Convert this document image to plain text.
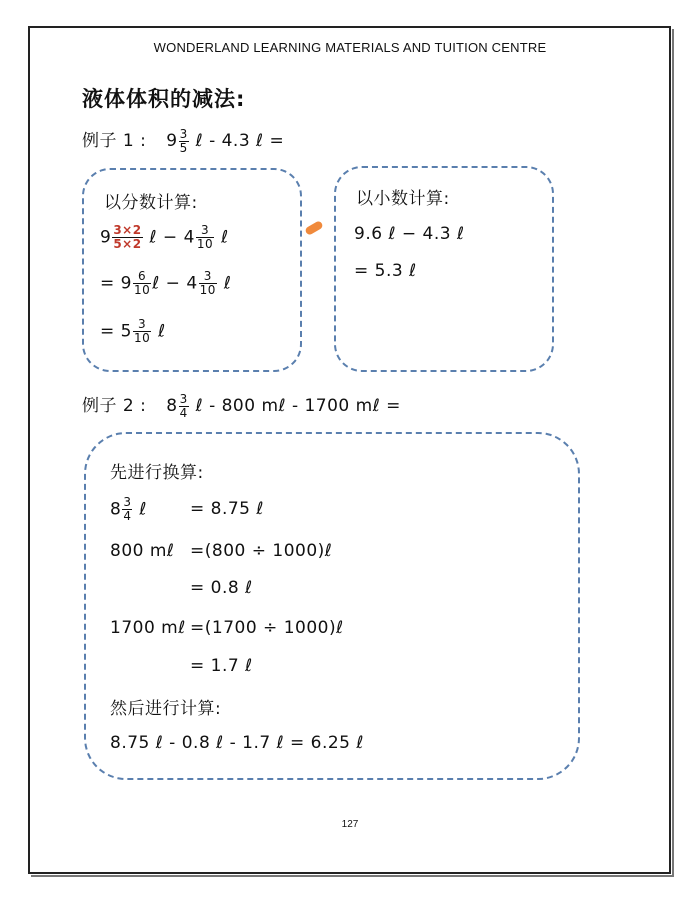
WONDERLAND LEARNING MATERIALS AND TUITION CENTRE
液体体积的减法:
例子 1 : $9 \frac{3}{5}$ ℓ - 4.3 ℓ =
以分数计算:
$9 \frac{3\times 2}{5\times 2}$ ℓ − $4 \frac{3}{10}$ ℓ
= $9 \frac{6}{10}$ ℓ − $4 \frac{3}{10}$ ℓ
= $5 \frac{3}{10}$ ℓ
以小数计算:
9.6 ℓ − 4.3 ℓ
= 5.3 ℓ
例子 2 : $8 \frac{3}{4}$ ℓ - 800 mℓ - 1700 mℓ =
先进行换算:
$8 \frac{3}{4}$ ℓ	= 8.75 ℓ
800 mℓ =(800 ÷ 1000)ℓ
= 0.8 ℓ
1700 mℓ =(1700 ÷ 1000)ℓ
= 1.7 ℓ
然后进行计算:
8.75 ℓ - 0.8 ℓ - 1.7 ℓ = 6.25 ℓ
127
